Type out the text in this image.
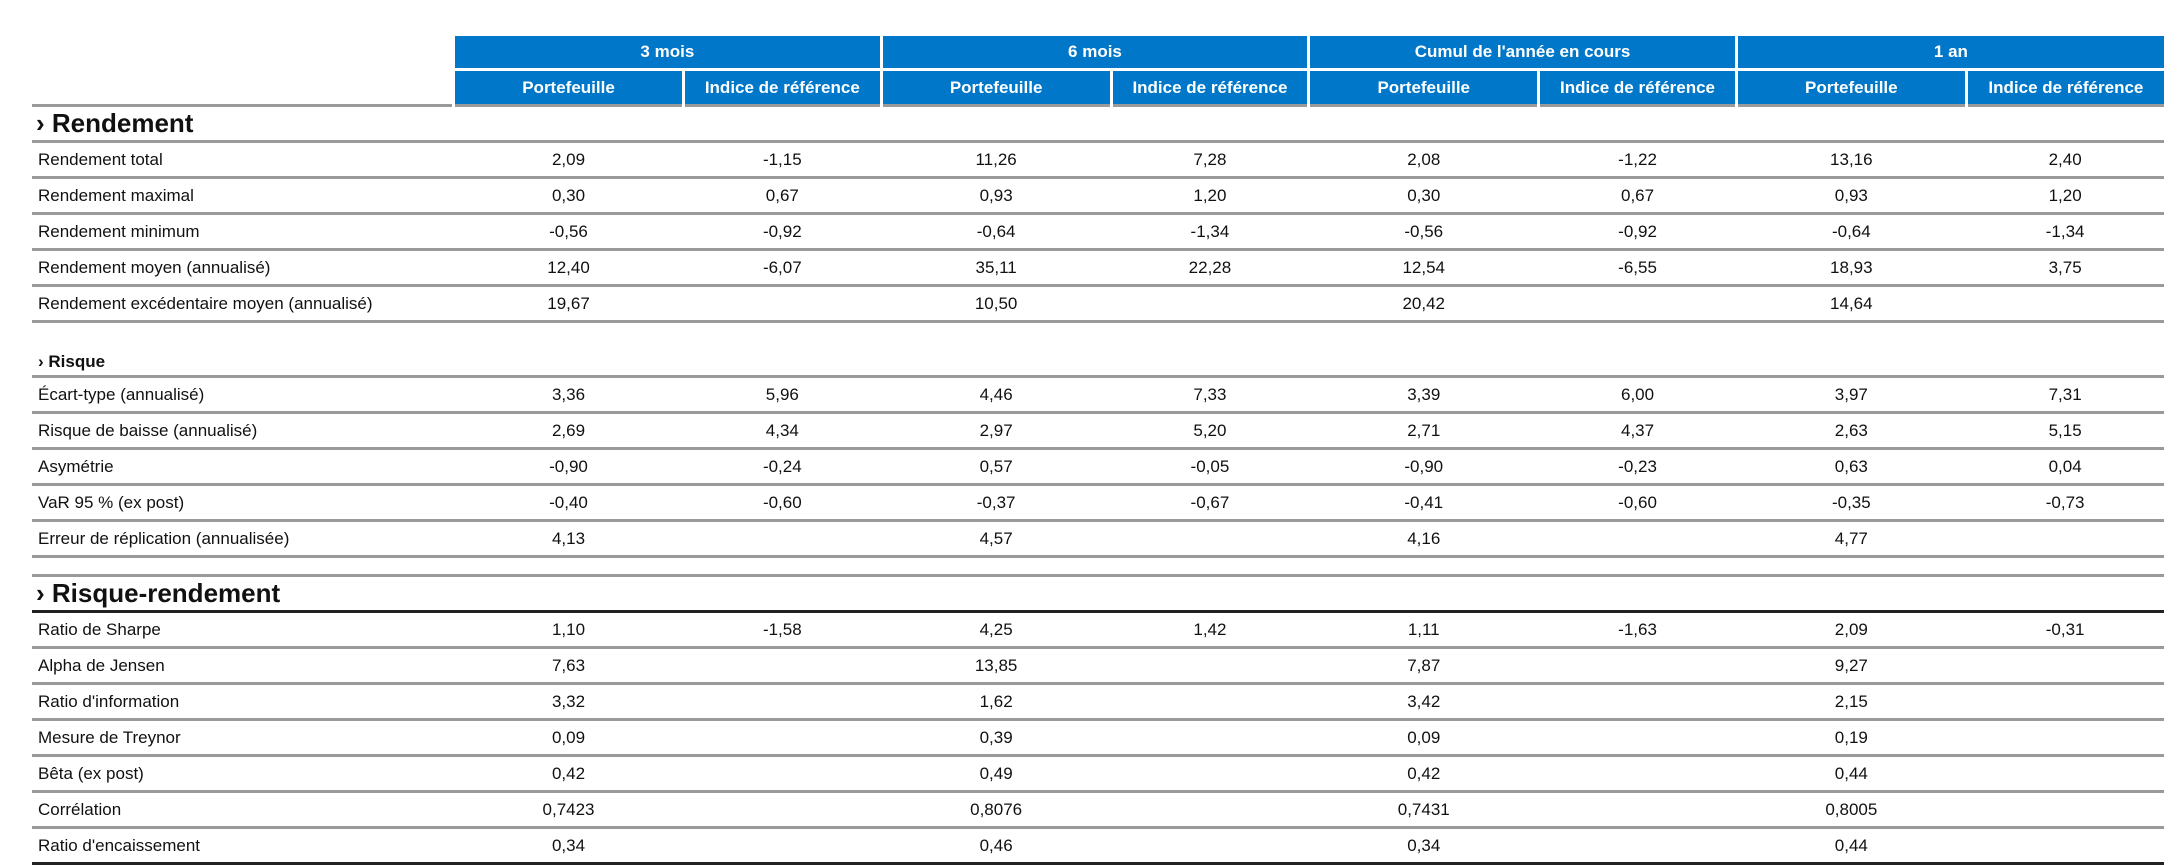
	3 mois		6 mois		Cumul de l'année en cours		1 an	
	Portefeuille	Indice de référence	Portefeuille	Indice de référence	Portefeuille	Indice de référence	Portefeuille	Indice de référence
› Rendement								
Rendement total	2,09	-1,15	11,26	7,28	2,08	-1,22	13,16	2,40
Rendement maximal	0,30	0,67	0,93	1,20	0,30	0,67	0,93	1,20
Rendement minimum	-0,56	-0,92	-0,64	-1,34	-0,56	-0,92	-0,64	-1,34
Rendement moyen (annualisé)	12,40	-6,07	35,11	22,28	12,54	-6,55	18,93	3,75
Rendement excédentaire moyen (annualisé)	19,67		10,50		20,42		14,64	

› Risque								
Écart-type (annualisé)	3,36	5,96	4,46	7,33	3,39	6,00	3,97	7,31
Risque de baisse (annualisé)	2,69	4,34	2,97	5,20	2,71	4,37	2,63	5,15
Asymétrie	-0,90	-0,24	0,57	-0,05	-0,90	-0,23	0,63	0,04
VaR 95 % (ex post)	-0,40	-0,60	-0,37	-0,67	-0,41	-0,60	-0,35	-0,73
Erreur de réplication (annualisée)	4,13		4,57		4,16		4,77	

› Risque-rendement								
Ratio de Sharpe	1,10	-1,58	4,25	1,42	1,11	-1,63	2,09	-0,31
Alpha de Jensen	7,63		13,85		7,87		9,27	
Ratio d'information	3,32		1,62		3,42		2,15	
Mesure de Treynor	0,09		0,39		0,09		0,19	
Bêta (ex post)	0,42		0,49		0,42		0,44	
Corrélation	0,7423		0,8076		0,7431		0,8005	
Ratio d'encaissement	0,34		0,46		0,34		0,44	
